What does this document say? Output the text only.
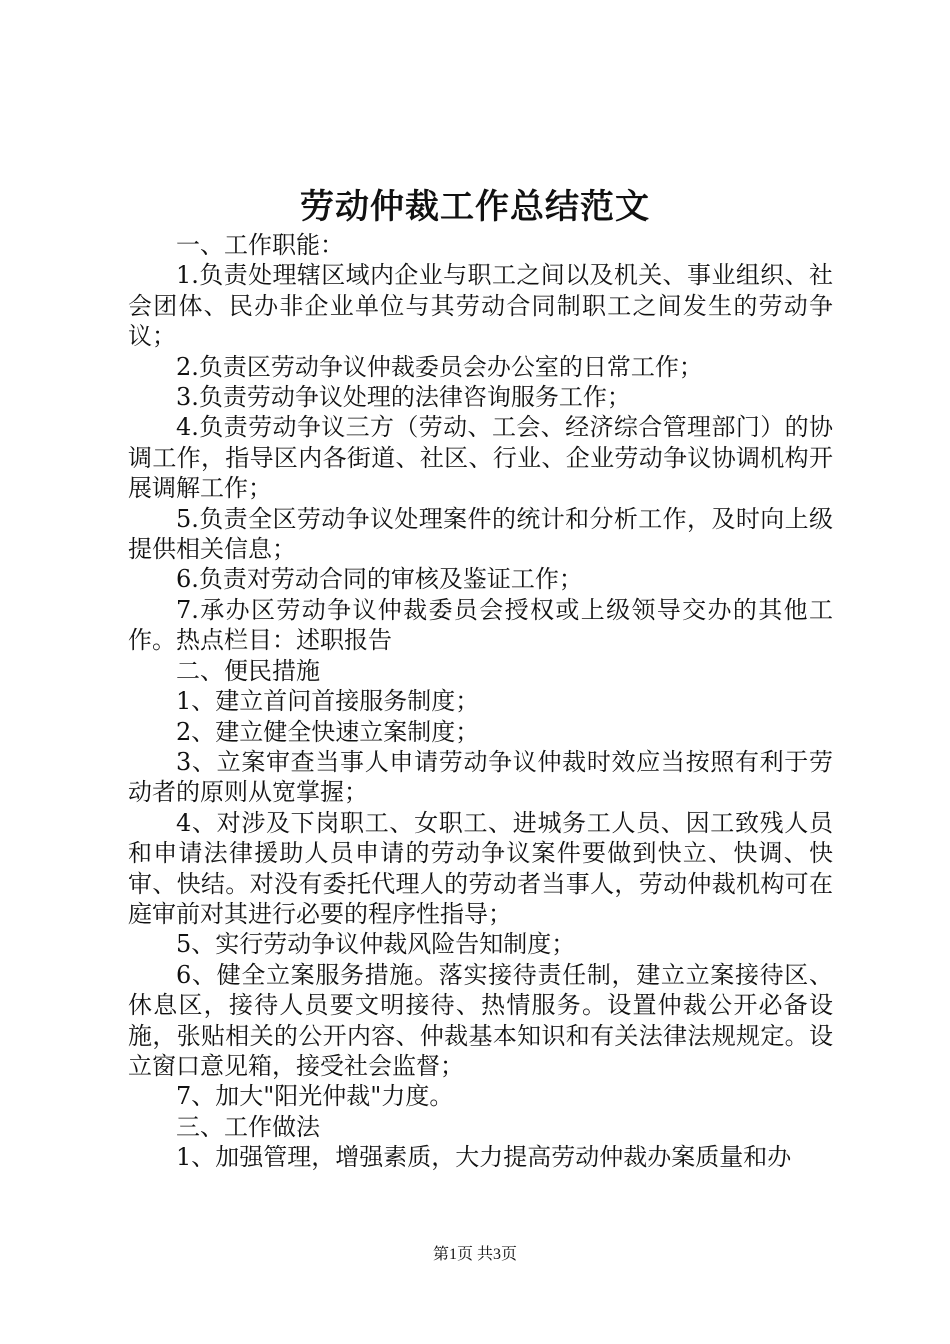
劳动仲裁工作总结范文

一、工作职能：

1.负责处理辖区域内企业与职工之间以及机关、事业组织、社会团体、民办非企业单位与其劳动合同制职工之间发生的劳动争议；

2.负责区劳动争议仲裁委员会办公室的日常工作；

3.负责劳动争议处理的法律咨询服务工作；

4.负责劳动争议三方（劳动、工会、经济综合管理部门）的协调工作，指导区内各街道、社区、行业、企业劳动争议协调机构开展调解工作；

5.负责全区劳动争议处理案件的统计和分析工作，及时向上级提供相关信息；

6.负责对劳动合同的审核及鉴证工作；

7.承办区劳动争议仲裁委员会授权或上级领导交办的其他工作。热点栏目：述职报告

二、便民措施

1、建立首问首接服务制度；

2、建立健全快速立案制度；

3、立案审查当事人申请劳动争议仲裁时效应当按照有利于劳动者的原则从宽掌握；

4、对涉及下岗职工、女职工、进城务工人员、因工致残人员和申请法律援助人员申请的劳动争议案件要做到快立、快调、快审、快结。对没有委托代理人的劳动者当事人，劳动仲裁机构可在庭审前对其进行必要的程序性指导；

5、实行劳动争议仲裁风险告知制度；

6、健全立案服务措施。落实接待责任制，建立立案接待区、休息区，接待人员要文明接待、热情服务。设置仲裁公开必备设施，张贴相关的公开内容、仲裁基本知识和有关法律法规规定。设立窗口意见箱，接受社会监督；

7、加大"阳光仲裁"力度。

三、工作做法

1、加强管理，增强素质，大力提高劳动仲裁办案质量和办

第1页 共3页
